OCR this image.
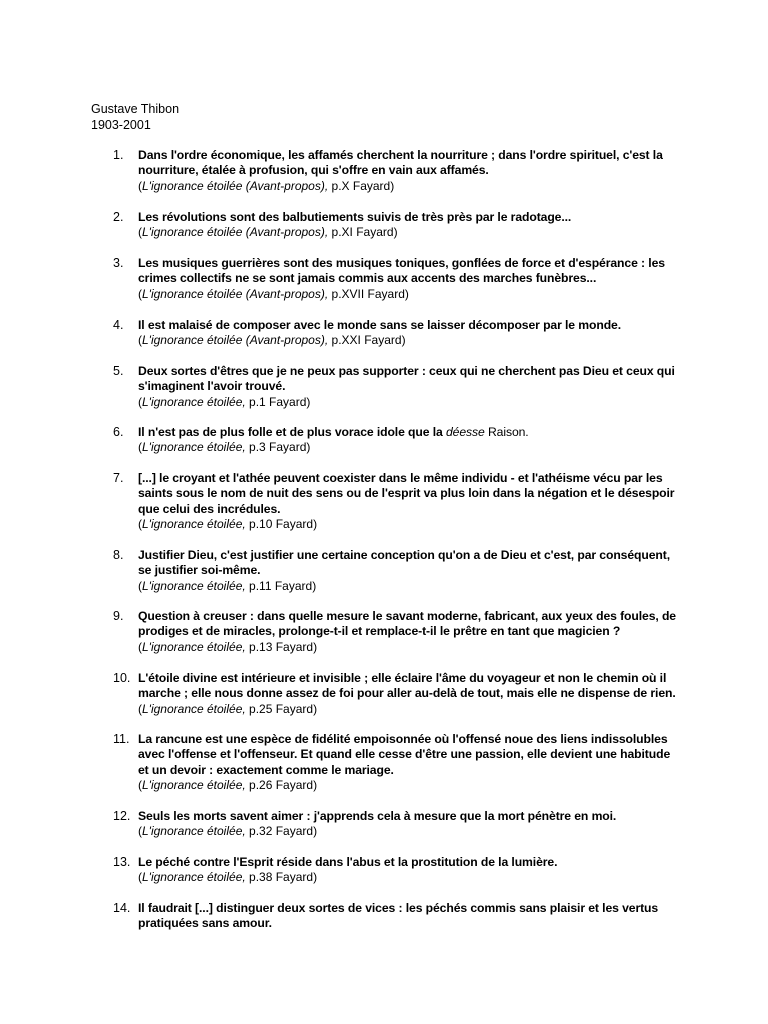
Gustave Thibon
1903-2001
1.	Dans l'ordre économique, les affamés cherchent la nourriture ; dans l'ordre spirituel, c'est la nourriture, étalée à profusion, qui s'offre en vain aux affamés.
(L'ignorance étoilée (Avant-propos), p.X Fayard)
2.	Les révolutions sont des balbutiements suivis de très près par le radotage...
(L'ignorance étoilée (Avant-propos), p.XI Fayard)
3.	Les musiques guerrières sont des musiques toniques, gonflées de force et d'espérance : les crimes collectifs ne se sont jamais commis aux accents des marches funèbres...
(L'ignorance étoilée (Avant-propos), p.XVII Fayard)
4.	Il est malaisé de composer avec le monde sans se laisser décomposer par le monde.
(L'ignorance étoilée (Avant-propos), p.XXI Fayard)
5.	Deux sortes d'êtres que je ne peux pas supporter : ceux qui ne cherchent pas Dieu et ceux qui s'imaginent l'avoir trouvé.
(L'ignorance étoilée, p.1 Fayard)
6.	Il n'est pas de plus folle et de plus vorace idole que la déesse Raison.
(L'ignorance étoilée, p.3 Fayard)
7.	[...] le croyant et l'athée peuvent coexister dans le même individu - et l'athéisme vécu par les saints sous le nom de nuit des sens ou de l'esprit va plus loin dans la négation et le désespoir que celui des incrédules.
(L'ignorance étoilée, p.10 Fayard)
8.	Justifier Dieu, c'est justifier une certaine conception qu'on a de Dieu et c'est, par conséquent, se justifier soi-même.
(L'ignorance étoilée, p.11 Fayard)
9.	Question à creuser : dans quelle mesure le savant moderne, fabricant, aux yeux des foules, de prodiges et de miracles, prolonge-t-il et remplace-t-il le prêtre en tant que magicien ?
(L'ignorance étoilée, p.13 Fayard)
10. L'étoile divine est intérieure et invisible ; elle éclaire l'âme du voyageur et non le chemin où il marche ; elle nous donne assez de foi pour aller au-delà de tout, mais elle ne dispense de rien.
(L'ignorance étoilée, p.25 Fayard)
11. La rancune est une espèce de fidélité empoisonnée où l'offensé noue des liens indissolubles avec l'offense et l'offenseur. Et quand elle cesse d'être une passion, elle devient une habitude et un devoir : exactement comme le mariage.
(L'ignorance étoilée, p.26 Fayard)
12. Seuls les morts savent aimer : j'apprends cela à mesure que la mort pénètre en moi.
(L'ignorance étoilée, p.32 Fayard)
13. Le péché contre l'Esprit réside dans l'abus et la prostitution de la lumière.
(L'ignorance étoilée, p.38 Fayard)
14. Il faudrait [...] distinguer deux sortes de vices : les péchés commis sans plaisir et les vertus pratiquées sans amour.
